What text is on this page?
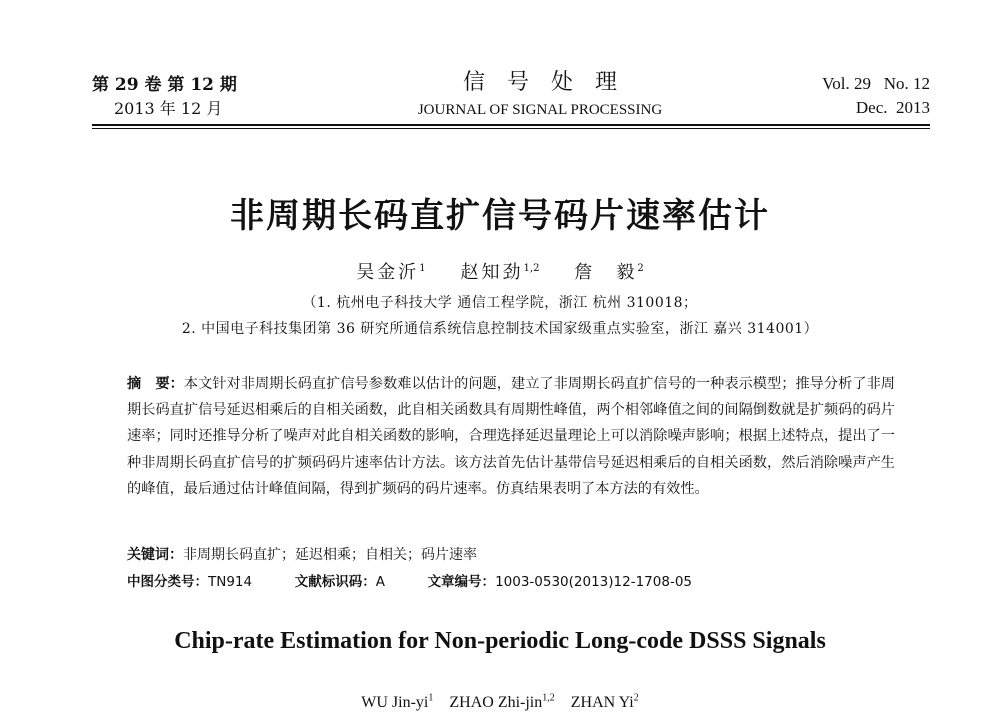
第 29 卷 第 12 期
2013 年 12 月
信　号　处　理
JOURNAL OF SIGNAL PROCESSING
Vol. 29   No. 12
Dec.  2013
非周期长码直扩信号码片速率估计
吴金沂$^1$ 赵知劲$^{1,2}$ 詹　毅$^2$
（1. 杭州电子科技大学 通信工程学院，浙江 杭州 310018；
2. 中国电子科技集团第 36 研究所通信系统信息控制技术国家级重点实验室，浙江 嘉兴 314001）
摘　要：本文针对非周期长码直扩信号参数难以估计的问题，建立了非周期长码直扩信号的一种表示模型；推导分析了非周期长码直扩信号延迟相乘后的自相关函数，此自相关函数具有周期性峰值，两个相邻峰值之间的间隔倒数就是扩频码的码片速率；同时还推导分析了噪声对此自相关函数的影响，合理选择延迟量理论上可以消除噪声影响；根据上述特点，提出了一种非周期长码直扩信号的扩频码码片速率估计方法。该方法首先估计基带信号延迟相乘后的自相关函数，然后消除噪声产生的峰值，最后通过估计峰值间隔，得到扩频码的码片速率。仿真结果表明了本方法的有效性。
关键词：非周期长码直扩；延迟相乘；自相关；码片速率
中图分类号：TN914	文献标识码：A	文章编号：1003-0530(2013)12-1708-05
Chip-rate Estimation for Non-periodic Long-code DSSS Signals
WU Jin-$yi^1$ ZHAO Zhi-jin$^{1,2}$ ZHAN Yi$^2$
